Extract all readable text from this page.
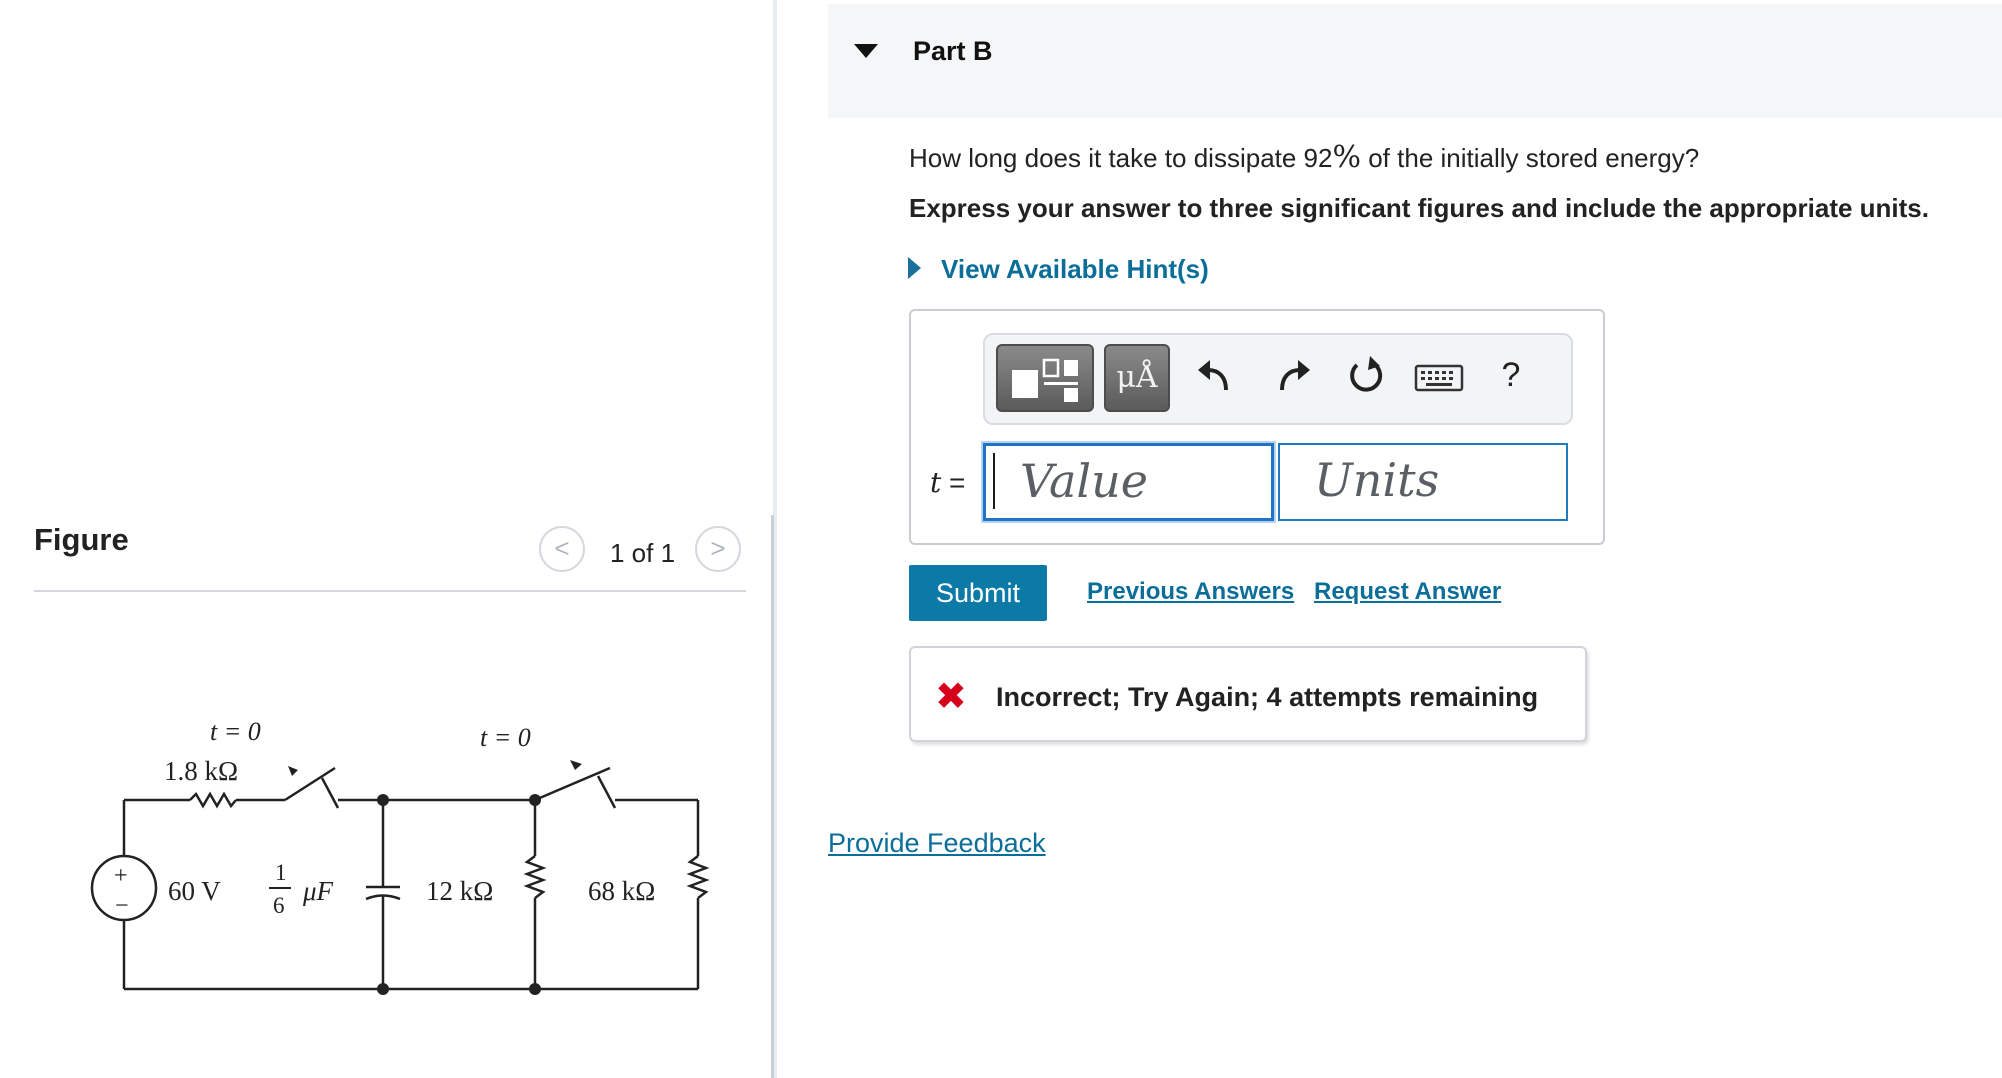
Figure	<	1 of 1	>
t = 0
1.8 kΩ
t = 0
+
− 60 V
1
6 μF	12 kΩ	68 kΩ
Part B
How long does it take to dissipate 92% of the initially stored energy?
Express your answer to three significant figures and include the appropriate units.
View Available Hint(s)
μÅ	?
t =	Value	Units
Submit	Previous Answers Request Answer
✖ Incorrect; Try Again; 4 attempts remaining
Provide Feedback
